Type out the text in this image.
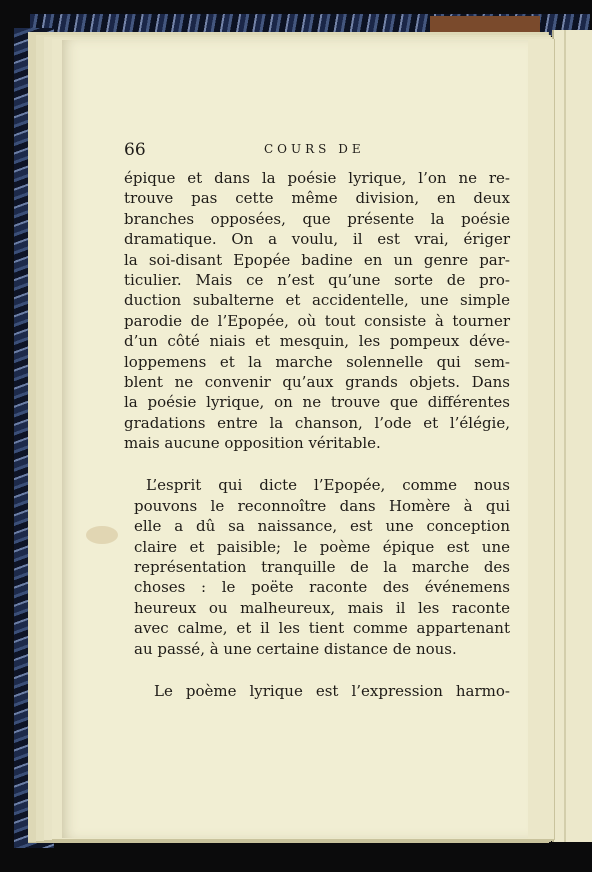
66	COURS DE
épique et dans la poésie lyrique, l’on ne re-
trouve pas cette même division, en deux
branches opposées, que présente la poésie
dramatique. On a voulu, il est vrai, ériger
la soi-disant Epopée badine en un genre par-
ticulier. Mais ce n’est qu’une sorte de pro-
duction subalterne et accidentelle, une simple
parodie de l’Epopée, où tout consiste à tourner
d’un côté niais et mesquin, les pompeux déve-
loppemens et la marche solennelle qui sem-
blent ne convenir qu’aux grands objets. Dans
la poésie lyrique, on ne trouve que différentes
gradations entre la chanson, l’ode et l’élégie,
mais aucune opposition véritable.
L’esprit qui dicte l’Epopée, comme nous
pouvons le reconnoître dans Homère à qui
elle a dû sa naissance, est une conception
claire et paisible; le poème épique est une
représentation tranquille de la marche des
choses : le poëte raconte des événemens
heureux ou malheureux, mais il les raconte
avec calme, et il les tient comme appartenant
au passé, à une certaine distance de nous.
Le poème lyrique est l’expression harmo-
